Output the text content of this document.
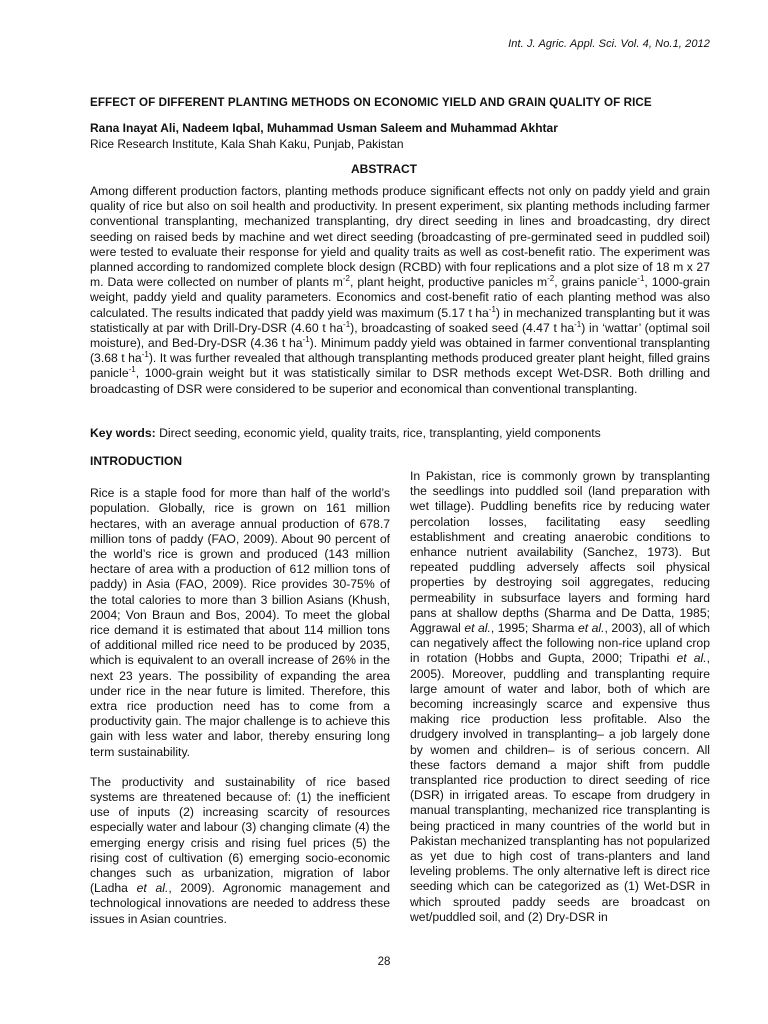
Int. J. Agric. Appl. Sci. Vol. 4, No.1, 2012
EFFECT OF DIFFERENT PLANTING METHODS ON ECONOMIC YIELD AND GRAIN QUALITY OF RICE
Rana Inayat Ali, Nadeem Iqbal, Muhammad Usman Saleem and Muhammad Akhtar
Rice Research Institute, Kala Shah Kaku, Punjab, Pakistan
ABSTRACT

Among different production factors, planting methods produce significant effects not only on paddy yield and grain quality of rice but also on soil health and productivity. In present experiment, six planting methods including farmer conventional transplanting, mechanized transplanting, dry direct seeding in lines and broadcasting, dry direct seeding on raised beds by machine and wet direct seeding (broadcasting of pre-germinated seed in puddled soil) were tested to evaluate their response for yield and quality traits as well as cost-benefit ratio. The experiment was planned according to randomized complete block design (RCBD) with four replications and a plot size of 18 m x 27 m. Data were collected on number of plants $m^{-2}$, plant height, productive panicles $m^{-2}$, grains panicle$^{-1}$, 1000-grain weight, paddy yield and quality parameters. Economics and cost-benefit ratio of each planting method was also calculated. The results indicated that paddy yield was maximum (5.17 t $ha^{-1}$) in mechanized transplanting but it was statistically at par with Drill-Dry-DSR (4.60 t $ha^{-1}$), broadcasting of soaked seed (4.47 t $ha^{-1}$) in ‘wattar’ (optimal soil moisture), and Bed-Dry-DSR (4.36 t $ha^{-1}$). Minimum paddy yield was obtained in farmer conventional transplanting (3.68 t $ha^{-1}$). It was further revealed that although transplanting methods produced greater plant height, filled grains panicle$^{-1}$, 1000-grain weight but it was statistically similar to DSR methods except Wet-DSR. Both drilling and broadcasting of DSR were considered to be superior and economical than conventional transplanting.

Key words: Direct seeding, economic yield, quality traits, rice, transplanting, yield components
INTRODUCTION

Rice is a staple food for more than half of the world’s population. Globally, rice is grown on 161 million hectares, with an average annual production of 678.7 million tons of paddy (FAO, 2009). About 90 percent of the world’s rice is grown and produced (143 million hectare of area with a production of 612 million tons of paddy) in Asia (FAO, 2009). Rice provides 30-75% of the total calories to more than 3 billion Asians (Khush, 2004; Von Braun and Bos, 2004). To meet the global rice demand it is estimated that about 114 million tons of additional milled rice need to be produced by 2035, which is equivalent to an overall increase of 26% in the next 23 years. The possibility of expanding the area under rice in the near future is limited. Therefore, this extra rice production need has to come from a productivity gain. The major challenge is to achieve this gain with less water and labor, thereby ensuring long term sustainability.

The productivity and sustainability of rice based systems are threatened because of: (1) the inefficient use of inputs (2) increasing scarcity of resources especially water and labour (3) changing climate (4) the emerging energy crisis and rising fuel prices (5) the rising cost of cultivation (6) emerging socio-economic changes such as urbanization, migration of labor (Ladha et al., 2009). Agronomic management and technological innovations are needed to address these issues in Asian countries.

In Pakistan, rice is commonly grown by transplanting the seedlings into puddled soil (land preparation with wet tillage). Puddling benefits rice by reducing water percolation losses, facilitating easy seedling establishment and creating anaerobic conditions to enhance nutrient availability (Sanchez, 1973). But repeated puddling adversely affects soil physical properties by destroying soil aggregates, reducing permeability in subsurface layers and forming hard pans at shallow depths (Sharma and De Datta, 1985; Aggrawal et al., 1995; Sharma et al., 2003), all of which can negatively affect the following non-rice upland crop in rotation (Hobbs and Gupta, 2000; Tripathi et al., 2005). Moreover, puddling and transplanting require large amount of water and labor, both of which are becoming increasingly scarce and expensive thus making rice production less profitable. Also the drudgery involved in transplanting– a job largely done by women and children– is of serious concern. All these factors demand a major shift from puddle transplanted rice production to direct seeding of rice (DSR) in irrigated areas. To escape from drudgery in manual transplanting, mechanized rice transplanting is being practiced in many countries of the world but in Pakistan mechanized transplanting has not popularized as yet due to high cost of trans-planters and land leveling problems. The only alternative left is direct rice seeding which can be categorized as (1) Wet-DSR in which sprouted paddy seeds are broadcast on wet/puddled soil, and (2) Dry-DSR in

28
